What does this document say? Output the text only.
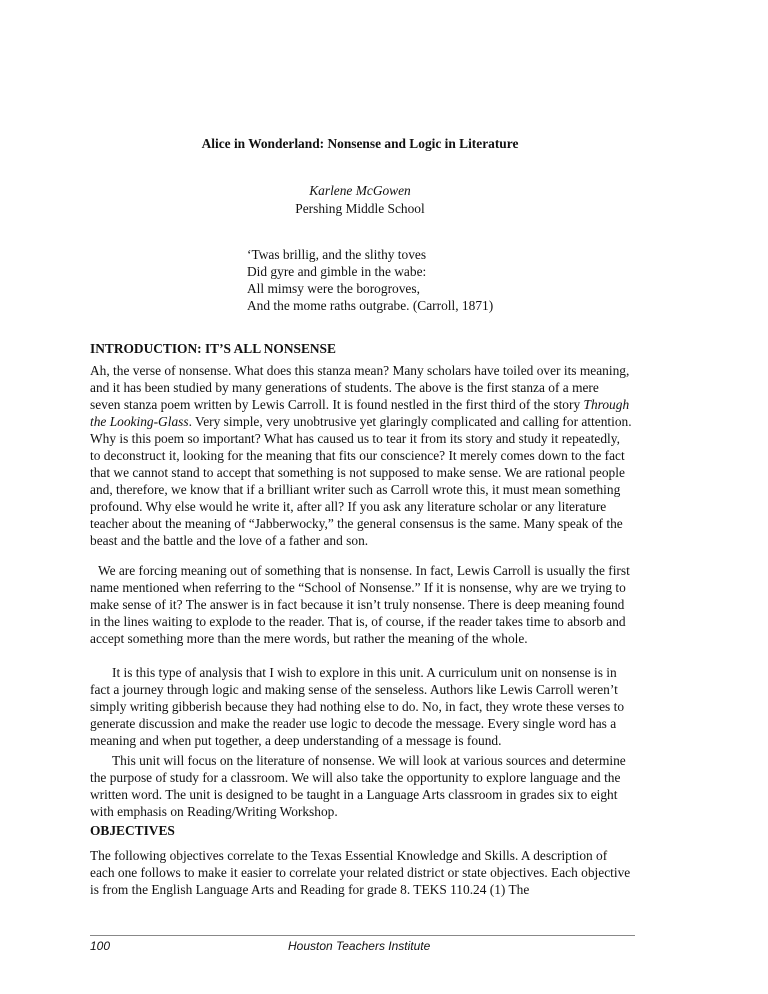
Alice in Wonderland: Nonsense and Logic in Literature
Karlene McGowen
Pershing Middle School
‘Twas brillig, and the slithy toves
Did gyre and gimble in the wabe:
All mimsy were the borogroves,
And the mome raths outgrabe. (Carroll, 1871)
INTRODUCTION: IT’S ALL NONSENSE

Ah, the verse of nonsense. What does this stanza mean? Many scholars have toiled over its meaning, and it has been studied by many generations of students. The above is the first stanza of a mere seven stanza poem written by Lewis Carroll. It is found nestled in the first third of the story Through the Looking-Glass. Very simple, very unobtrusive yet glaringly complicated and calling for attention. Why is this poem so important? What has caused us to tear it from its story and study it repeatedly, to deconstruct it, looking for the meaning that fits our conscience? It merely comes down to the fact that we cannot stand to accept that something is not supposed to make sense. We are rational people and, therefore, we know that if a brilliant writer such as Carroll wrote this, it must mean something profound. Why else would he write it, after all? If you ask any literature scholar or any literature teacher about the meaning of “Jabberwocky,” the general consensus is the same. Many speak of the beast and the battle and the love of a father and son.

We are forcing meaning out of something that is nonsense. In fact, Lewis Carroll is usually the first name mentioned when referring to the “School of Nonsense.” If it is nonsense, why are we trying to make sense of it? The answer is in fact because it isn’t truly nonsense. There is deep meaning found in the lines waiting to explode to the reader. That is, of course, if the reader takes time to absorb and accept something more than the mere words, but rather the meaning of the whole.

It is this type of analysis that I wish to explore in this unit. A curriculum unit on nonsense is in fact a journey through logic and making sense of the senseless. Authors like Lewis Carroll weren’t simply writing gibberish because they had nothing else to do. No, in fact, they wrote these verses to generate discussion and make the reader use logic to decode the message. Every single word has a meaning and when put together, a deep understanding of a message is found.

This unit will focus on the literature of nonsense. We will look at various sources and determine the purpose of study for a classroom. We will also take the opportunity to explore language and the written word. The unit is designed to be taught in a Language Arts classroom in grades six to eight with emphasis on Reading/Writing Workshop.

OBJECTIVES

The following objectives correlate to the Texas Essential Knowledge and Skills. A description of each one follows to make it easier to correlate your related district or state objectives. Each objective is from the English Language Arts and Reading for grade 8. TEKS 110.24 (1) The

100	Houston Teachers Institute
